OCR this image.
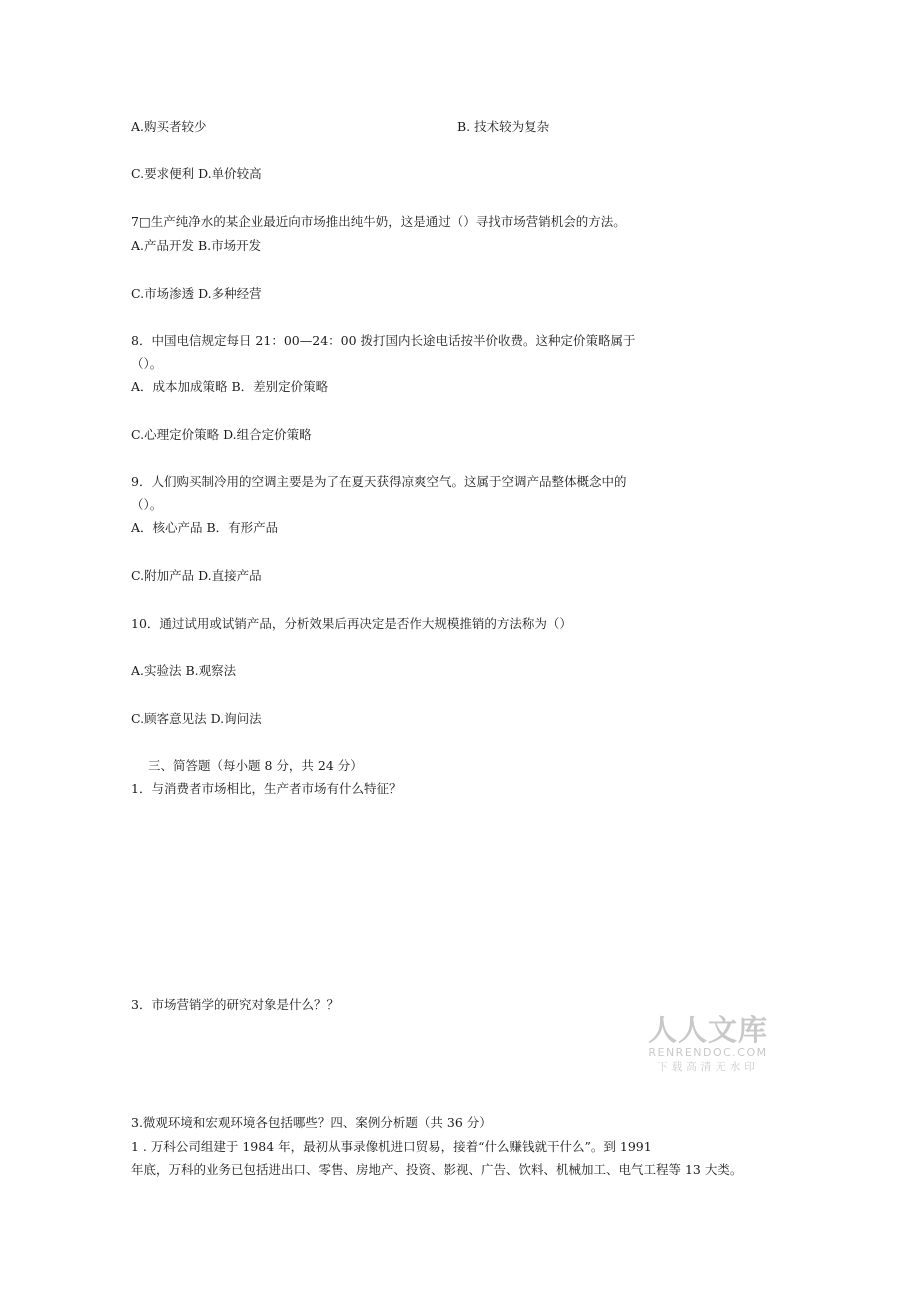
A.购买者较少	B. 技术较为复杂
C.要求便利 D.单价较高
7□生产纯净水的某企业最近向市场推出纯牛奶，这是通过（）寻找市场营销机会的方法。
A.产品开发 B.市场开发
C.市场渗透 D.多种经营
8．中国电信规定每日 21：00—24：00 拨打国内长途电话按半价收费。这种定价策略属于
（）。
A．成本加成策略 B．差别定价策略
C.心理定价策略 D.组合定价策略
9．人们购买制冷用的空调主要是为了在夏天获得凉爽空气。这属于空调产品整体概念中的
（）。
A．核心产品 B．有形产品
C.附加产品 D.直接产品
10．通过试用或试销产品，分析效果后再决定是否作大规模推销的方法称为（）
A.实验法 B.观察法
C.顾客意见法 D.询问法
三、简答题（每小题 8 分，共 24 分）
1．与消费者市场相比，生产者市场有什么特征？
3．市场营销学的研究对象是什么？？
人人文库
RENRENDOC.COM
下载高清无水印
3.微观环境和宏观环境各包括哪些？四、案例分析题（共 36 分）
1 . 万科公司组建于 1984 年，最初从事录像机进口贸易，接着“什么赚钱就干什么”。到 1991
年底，万科的业务已包括进出口、零售、房地产、投资、影视、广告、饮料、机械加工、电气工程等 13 大类。
